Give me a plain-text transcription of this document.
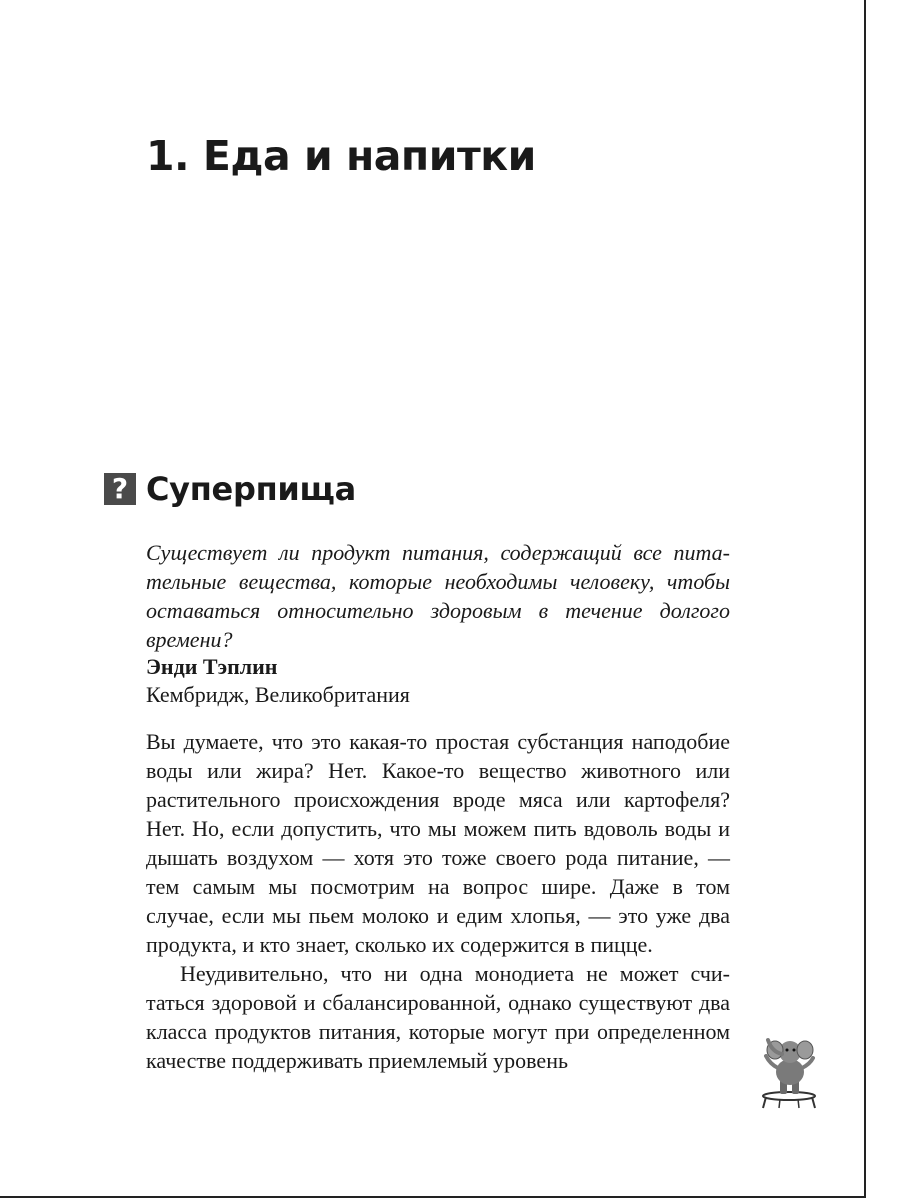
1. Еда и напитки
? Суперпища

Существует ли продукт питания, содержащий все питательные вещества, которые необходимы человеку, чтобы оставаться относительно здоровым в течение долгого времени?

Энди Тэплин

Кембридж, Великобритания

Вы думаете, что это какая-то простая субстанция наподобие воды или жира? Нет. Какое-то вещество животного или растительного происхождения вроде мяса или картофеля? Нет. Но, если допустить, что мы можем пить вдоволь воды и дышать воздухом — хотя это тоже своего рода питание, — тем самым мы посмотрим на вопрос шире. Даже в том случае, если мы пьем молоко и едим хлопья, — это уже два продукта, и кто знает, сколько их содержится в пицце.

Неудивительно, что ни одна монодиета не может считаться здоровой и сбалансированной, однако существуют два класса продуктов питания, которые могут при определенном качестве поддерживать приемлемый уровень
